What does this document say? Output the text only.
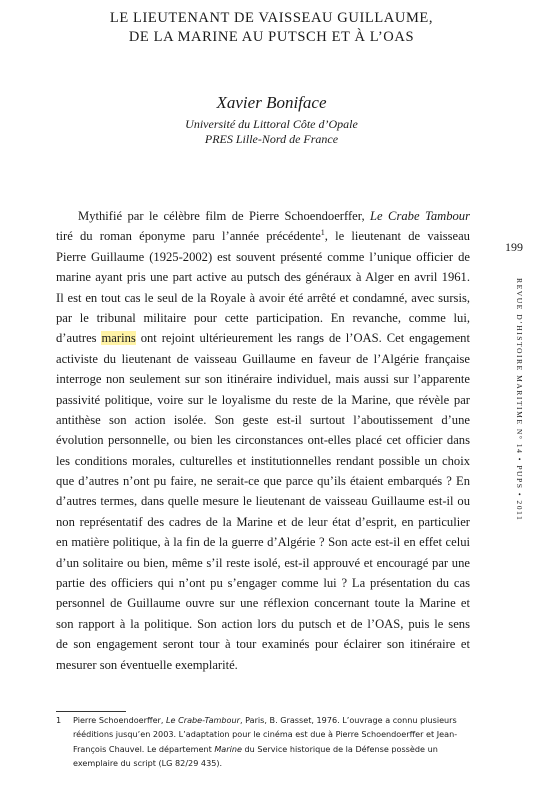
LE LIEUTENANT DE VAISSEAU GUILLAUME,
DE LA MARINE AU PUTSCH ET À L’OAS
Xavier Boniface
Université du Littoral Côte d’Opale
PRES Lille-Nord de France
Mythifié par le célèbre film de Pierre Schoendoerffer, Le Crabe Tambour
tiré du roman éponyme paru l’année précédente$^1$, le lieutenant de vaisseau
Pierre Guillaume (1925-2002) est souvent présenté comme l’unique officier de
marine ayant pris une part active au putsch des généraux à Alger en avril 1961.
Il est en tout cas le seul de la Royale à avoir été arrêté et condamné, avec sursis,
par le tribunal militaire pour cette participation. En revanche, comme lui,
d’autres marins ont rejoint ultérieurement les rangs de l’OAS. Cet engagement
activiste du lieutenant de vaisseau Guillaume en faveur de l’Algérie française
interroge non seulement sur son itinéraire individuel, mais aussi sur l’apparente
passivité politique, voire sur le loyalisme du reste de la Marine, que révèle par
antithèse son action isolée. Son geste est-il surtout l’aboutissement d’une
évolution personnelle, ou bien les circonstances ont-elles placé cet officier dans
les conditions morales, culturelles et institutionnelles rendant possible un choix
que d’autres n’ont pu faire, ne serait-ce que parce qu’ils étaient embarqués ? En
d’autres termes, dans quelle mesure le lieutenant de vaisseau Guillaume est-il ou
non représentatif des cadres de la Marine et de leur état d’esprit, en particulier
en matière politique, à la fin de la guerre d’Algérie ? Son acte est-il en effet celui
d’un solitaire ou bien, même s’il reste isolé, est-il approuvé et encouragé par une
partie des officiers qui n’ont pu s’engager comme lui ? La présentation du cas
personnel de Guillaume ouvre sur une réflexion concernant toute la Marine et
son rapport à la politique. Son action lors du putsch et de l’OAS, puis le sens
de son engagement seront tour à tour examinés pour éclairer son itinéraire et
mesurer son éventuelle exemplarité.
199
REVUE D’HISTOIRE MARITIME N° 14 • PUPS • 2011
1 Pierre Schoendoerffer, Le Crabe-Tambour, Paris, B. Grasset, 1976. L’ouvrage a connu plusieurs
rééditions jusqu’en 2003. L’adaptation pour le cinéma est due à Pierre Schoendoerffer et Jean-
François Chauvel. Le département Marine du Service historique de la Défense possède un
exemplaire du script (LG 82/29 435).
